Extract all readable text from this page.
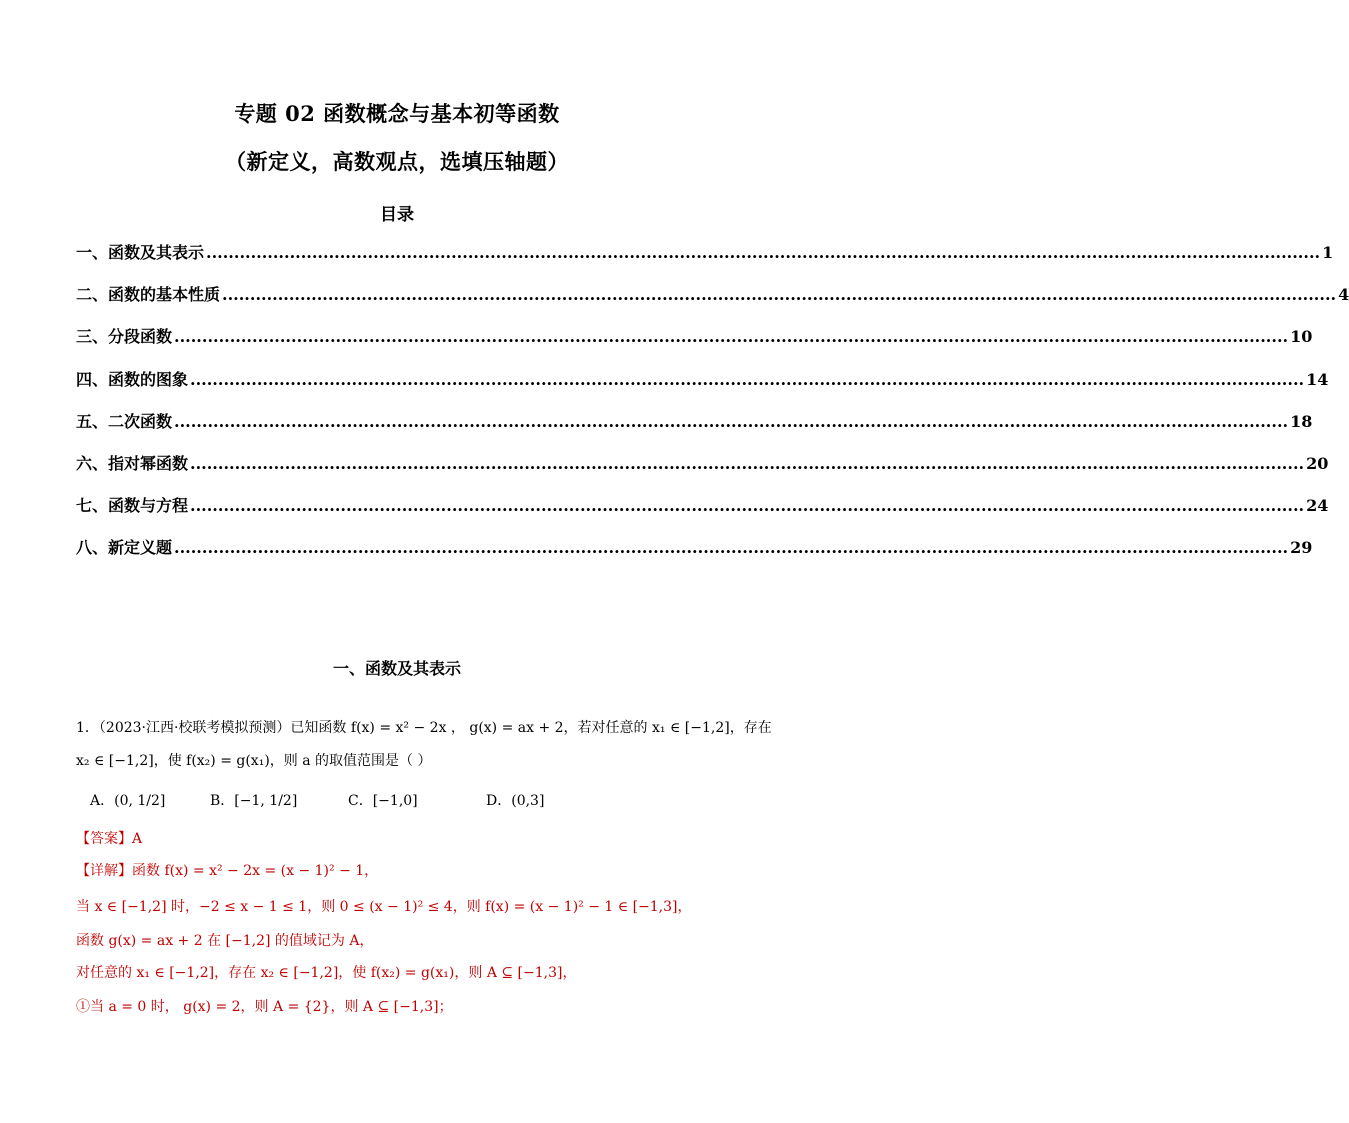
专题 02 函数概念与基本初等函数
（新定义，高数观点，选填压轴题）
目录
一、函数及其表示 ........................................................................................................................................................................................................ 1
二、函数的基本性质 ........................................................................................................................................................................................................ 4
三、分段函数 ........................................................................................................................................................................................................ 10
四、函数的图象 ........................................................................................................................................................................................................ 14
五、二次函数 ........................................................................................................................................................................................................ 18
六、指对幂函数 ........................................................................................................................................................................................................ 20
七、函数与方程 ........................................................................................................................................................................................................ 24
八、新定义题 ........................................................................................................................................................................................................ 29
一、函数及其表示
1．（2023·江西·校联考模拟预测）已知函数 f(x) = x² − 2x ， g(x) = ax + 2，若对任意的 x₁ ∈ [−1,2]，存在
x₂ ∈ [−1,2]，使 f(x₂) = g(x₁)，则 a 的取值范围是（ ）
A．(0, 1/2]	B．[−1, 1/2]	C．[−1,0]	D．(0,3]
【答案】A
【详解】函数 f(x) = x² − 2x = (x − 1)² − 1，
当 x ∈ [−1,2] 时，−2 ≤ x − 1 ≤ 1，则 0 ≤ (x − 1)² ≤ 4，则 f(x) = (x − 1)² − 1 ∈ [−1,3]，
函数 g(x) = ax + 2 在 [−1,2] 的值域记为 A，
对任意的 x₁ ∈ [−1,2]，存在 x₂ ∈ [−1,2]，使 f(x₂) = g(x₁)，则 A ⊆ [−1,3]，
①当 a = 0 时， g(x) = 2，则 A = {2}，则 A ⊆ [−1,3]；
